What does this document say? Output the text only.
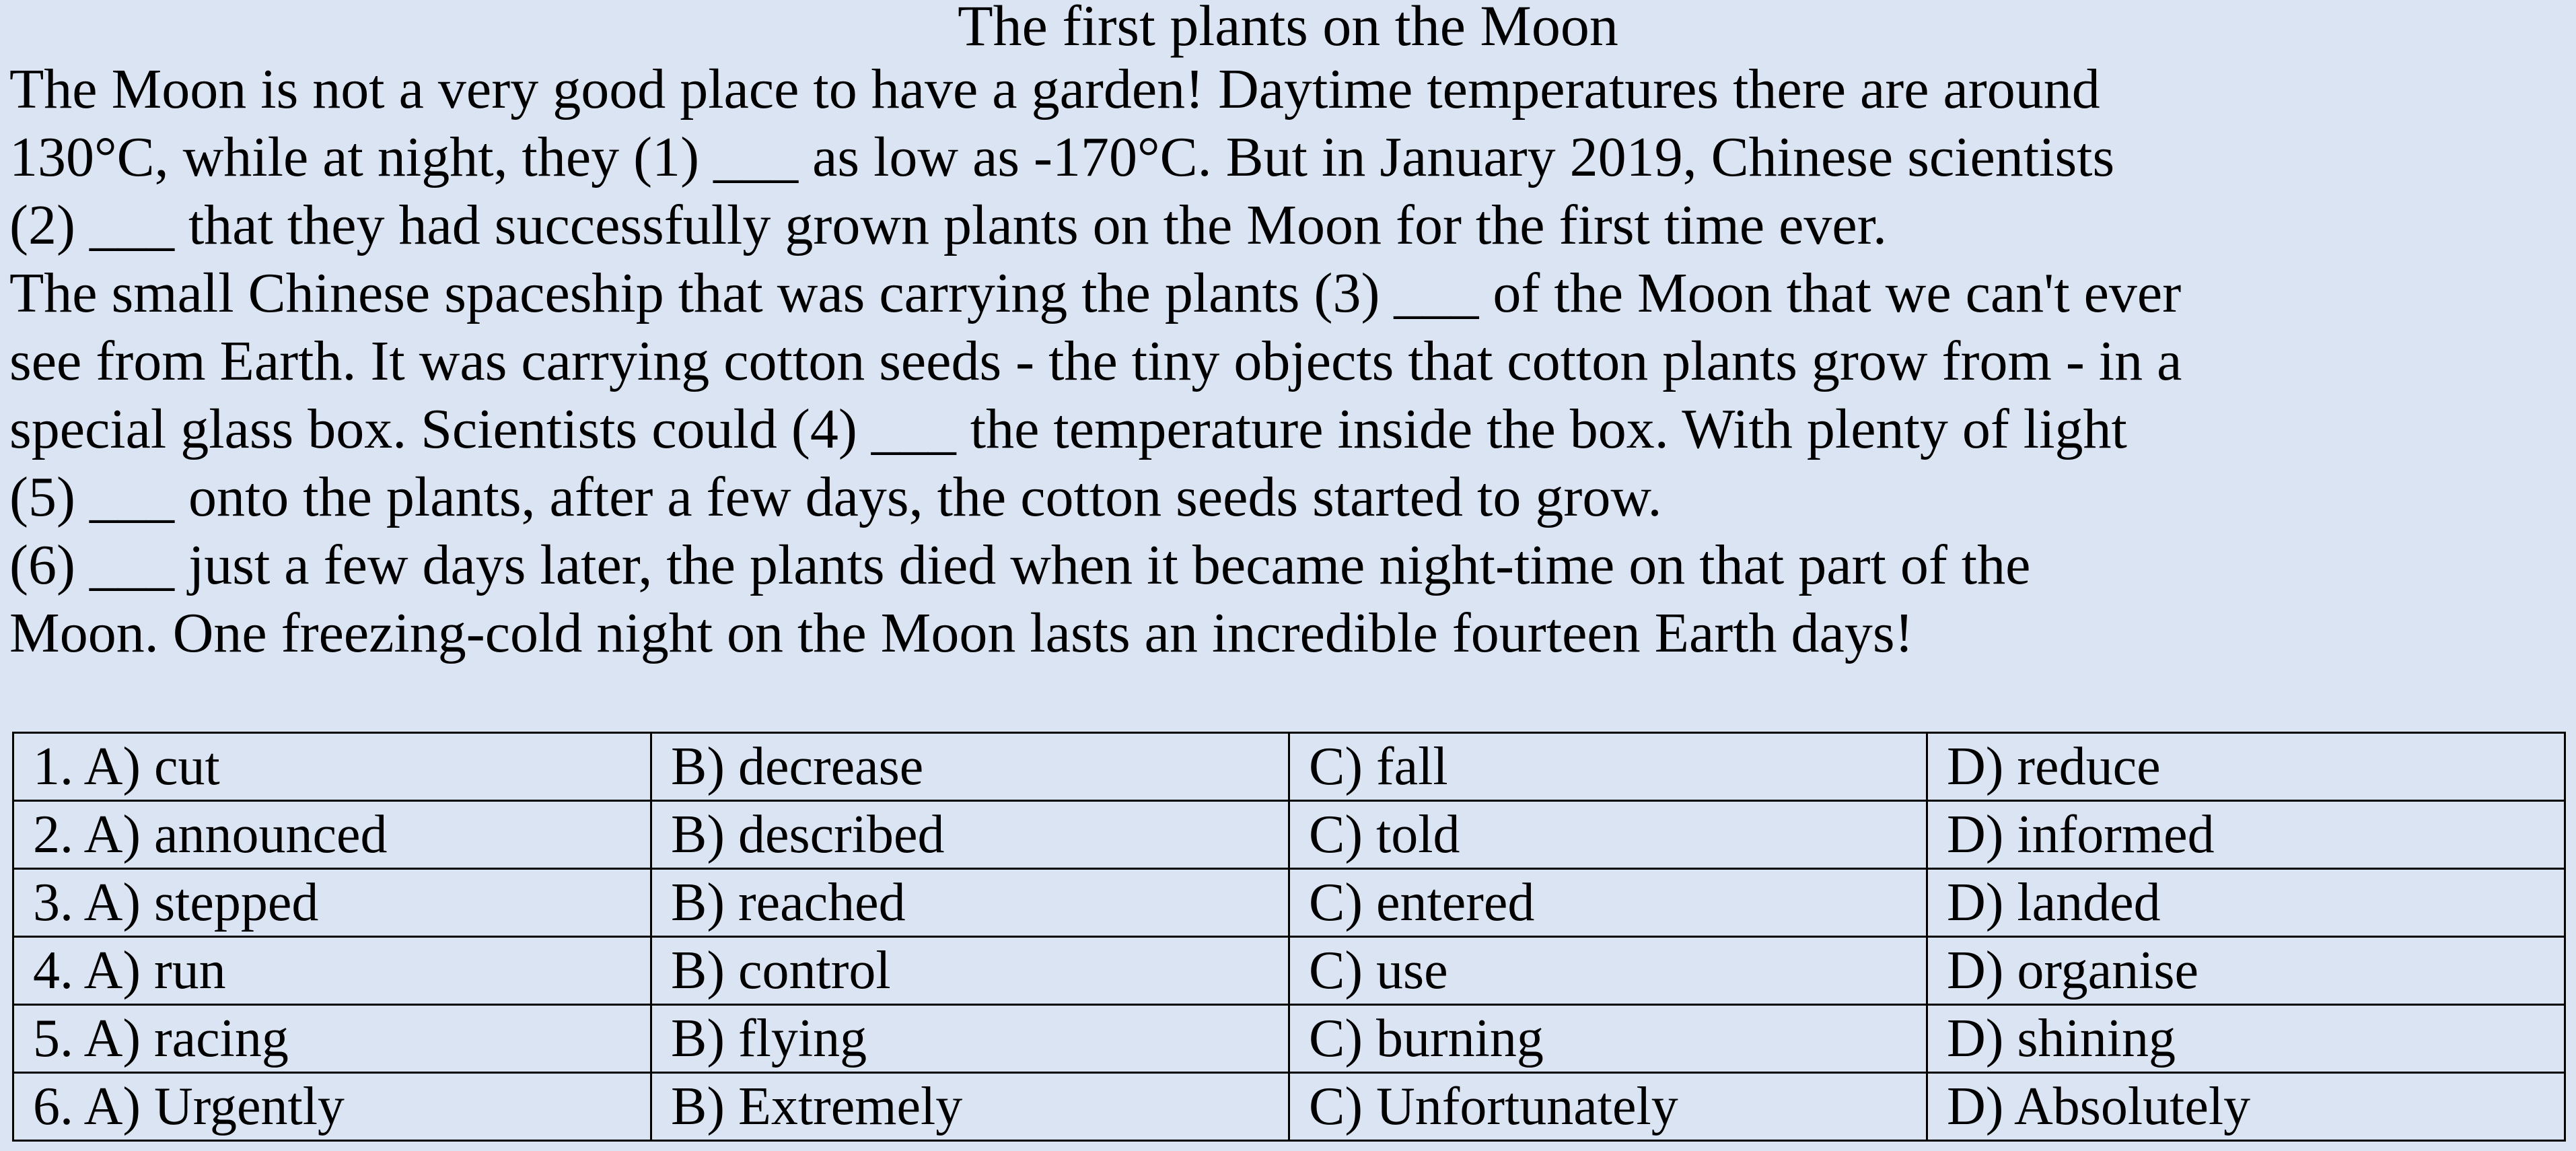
The first plants on the Moon
The Moon is not a very good place to have a garden! Daytime temperatures there are around
130°C, while at night, they (1) ___ as low as -170°C. But in January 2019, Chinese scientists
(2) ___ that they had successfully grown plants on the Moon for the first time ever.
The small Chinese spaceship that was carrying the plants (3) ___ of the Moon that we can't ever
see from Earth. It was carrying cotton seeds - the tiny objects that cotton plants grow from - in a
special glass box. Scientists could (4) ___ the temperature inside the box. With plenty of light
(5) ___ onto the plants, after a few days, the cotton seeds started to grow.
(6) ___ just a few days later, the plants died when it became night-time on that part of the
Moon. One freezing-cold night on the Moon lasts an incredible fourteen Earth days!
1. A) cut	B) decrease	C) fall	D) reduce
2. A) announced	B) described	C) told	D) informed
3. A) stepped	B) reached	C) entered	D) landed
4. A) run	B) control	C) use	D) organise
5. A) racing	B) flying	C) burning	D) shining
6. A) Urgently	B) Extremely	C) Unfortunately	D) Absolutely
